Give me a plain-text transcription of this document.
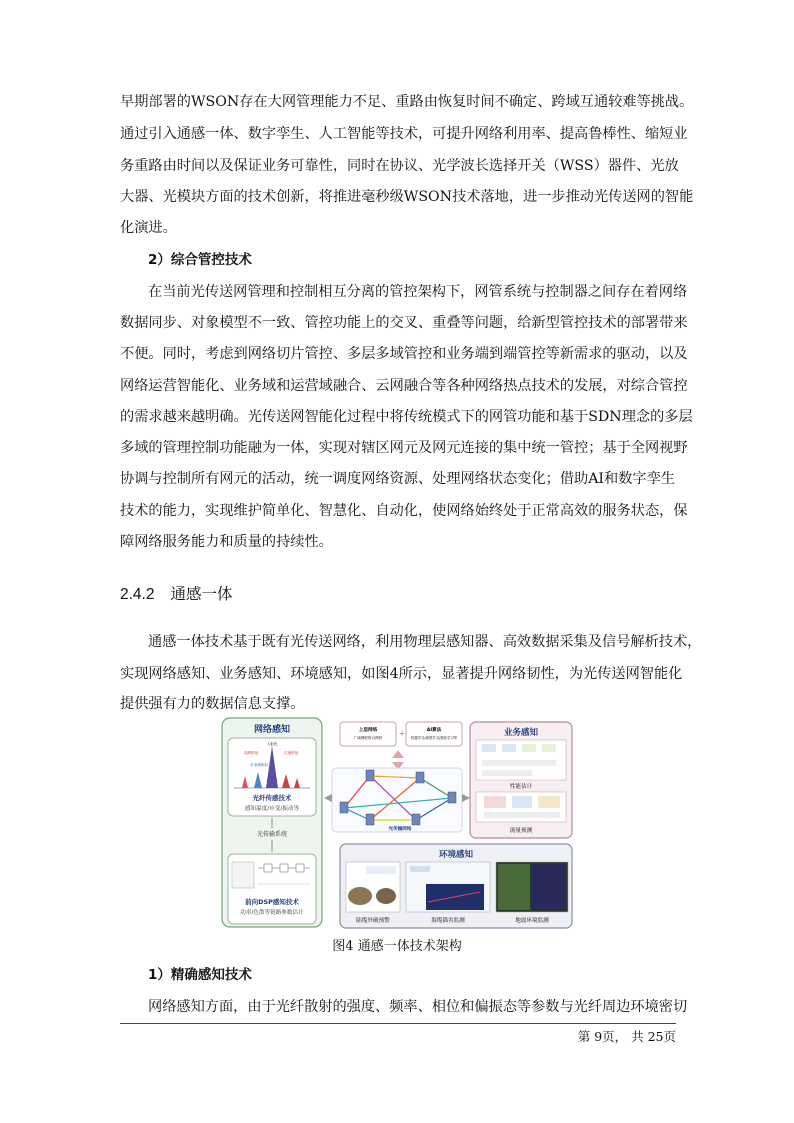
早期部署的WSON存在大网管理能力不足、重路由恢复时间不确定、跨域互通较难等挑战。
通过引入通感一体、数字孪生、人工智能等技术，可提升网络利用率、提高鲁棒性、缩短业
务重路由时间以及保证业务可靠性，同时在协议、光学波长选择开关（WSS）器件、光放
大器、光模块方面的技术创新，将推进毫秒级WSON技术落地，进一步推动光传送网的智能
化演进。
2）综合管控技术
在当前光传送网管理和控制相互分离的管控架构下，网管系统与控制器之间存在着网络
数据同步、对象模型不一致、管控功能上的交叉、重叠等问题，给新型管控技术的部署带来
不便。同时，考虑到网络切片管控、多层多域管控和业务端到端管控等新需求的驱动，以及
网络运营智能化、业务域和运营域融合、云网融合等各种网络热点技术的发展，对综合管控
的需求越来越明确。光传送网智能化过程中将传统模式下的网管功能和基于SDN理念的多层
多域的管理控制功能融为一体，实现对辖区网元及网元连接的集中统一管控；基于全网视野
协调与控制所有网元的活动，统一调度网络资源、处理网络状态变化；借助AI和数字孪生
技术的能力，实现维护简单化、智慧化、自动化，使网络始终处于正常高效的服务状态，保
障网络服务能力和质量的持续性。
2.4.2 通感一体
通感一体技术基于既有光传送网络，利用物理层感知器、高效数据采集及信号解析技术，
实现网络感知、业务感知、环境感知，如图4所示，显著提升网络韧性，为光传送网智能化
提供强有力的数据信息支撑。
网络感知
入射光
瑞利散射	拉曼散射
布里渊散射
光纤传感技术
感知温度/应变/振动等
光传输系统
前向DSP感知技术
功率/色散等链路参数估计
上层网络
广域网联络合网管 +	AI算法
机器学习/深度学习/强化学习等
光传输网络
业务感知
性能估计
流量预测
环境感知
陆缆外破预警	海缆锚害监测	地震环境监测
图4 通感一体技术架构
1）精确感知技术
网络感知方面，由于光纤散射的强度、频率、相位和偏振态等参数与光纤周边环境密切
第 9页， 共 25页
